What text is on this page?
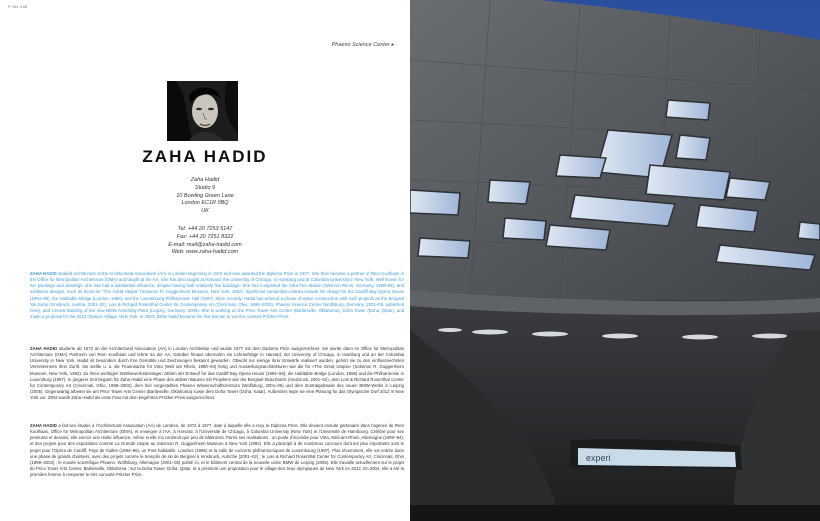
P 154 /155
Phaeno Science Center ▸
ZAHA HADID
Zaha Hadid
Studio 9
10 Bowling Green Lane
London EC1R 0BQ
UK
Tel: +44 20 7253 5147
Fax: +44 20 7251 8322
E-mail: mail@zaha-hadid.com
Web: www.zaha-hadid.com

ZAHA HADID studied architecture at the Architectural Association (AA) in London beginning in 1972 and was awarded the Diploma Prize in 1977. She then became a partner of Rem Koolhaas in the Office for Metropolitan Architecture (OMA) and taught at the AA. She has also taught at Harvard, the University of Chicago, in Hamburg and at Columbia University in New York. Well known for her paintings and drawings, she has had a substantial influence, despite having built relatively few buildings. She has completed the Vitra Fire Station (Weil-am-Rhein, Germany, 1990–94), and exhibition designs, such as those for "The Great Utopia" (Solomon R. Guggenheim Museum, New York, 1992). Significant competition entries include her design for the Cardiff Bay Opera House (1994–96), the Habitable Bridge (London, 1996), and the Luxembourg Philharmonic Hall (1997). More recently, Hadid has entered a phase of active construction with such projects as the Bergisel Ski Jump (Innsbruck, Austria, 2001–02), Lois & Richard Rosenthal Center for Contemporary Art (Cincinnati, Ohio, 1999–2003), Phaeno Science Center (Wolfsburg, Germany, 2001–05, published here), and Central Building of the new BMW Assembly Plant (Leipzig, Germany, 2005). She is working on the Price Tower Arts Center (Bartlesville, Oklahoma), Doha Tower (Doha, Qatar), and made a proposal for the 2012 Olympic Village, New York. In 2004, Zaha Hadid became the first woman to win the coveted Pritzker Prize.

ZAHA HADID studierte ab 1972 an der Architectural Association (AA) in London Architektur und wurde 1977 mit dem Diploma Prize ausgezeichnet. Sie wurde dann im Office for Metropolitan Architecture (OMA) Partnerin von Rem Koolhaas und lehrte an der AA. Darüber hinaus übernahm sie Lehraufträge in Harvard, der University of Chicago, in Hamburg und an der Columbia University in New York. Hadid ist besonders durch ihre Gemälde und Zeichnungen bekannt geworden. Obwohl nur wenige ihrer Entwürfe realisiert wurden, gehört sie zu den einflussreichsten Vertreterinnen ihrer Zunft. Sie stellte u. a. die Feuerwache für Vitra (Weil am Rhein, 1990–94) fertig und Ausstellungsarchitekturen wie die für »The Great Utopia« (Solomon R. Guggenheim Museum, New York, 1992). Zu ihren wichtigen Wettbewerbsbeiträgen zählen der Entwurf für das Cardiff Bay Opera House (1994–96), die Habitable Bridge (London, 1996) und die Philharmonie in Luxemburg (1997). In jüngerer Zeit begann für Zaha Hadid eine Phase des aktiven Bauens mit Projekten wie der Bergisel-Skischanze (Innsbruck, 2001–02), dem Lois & Richard Rosenthal Center for Contemporary Art (Cincinnati, Ohio, 1999–2003), dem hier vorgestellten Phaeno Wissenschaftszentrum (Wolfsburg, 2001–05) und dem Zentralgebäude des neuen BMW-Werks in Leipzig (2005). Gegenwärtig arbeitet sie am Price Tower Arts Center (Bartlesville, Oklahoma) sowie dem Doha Tower (Doha, Katar). Außerdem legte sie eine Planung für das Olympische Dorf 2012 in New York vor. 2004 wurde Zaha Hadid als erste Frau mit dem begehrten Pritzker-Preis ausgezeichnet.

ZAHA HADID a fait ses études à l'Architectural Association (AA) de Londres, de 1972 à 1977, date à laquelle elle a reçu le Diploma Prize. Elle devient ensuite partenaire dans l'agence de Rem Koolhaas, Office for Metropolitan Architecture (OMA), et enseigne à l'AA, à Harvard, à l'Université de Chicago, à Columbia University (New York) et l'Université de Hambourg. Célèbre pour ses peintures et dessins, elle exerce une réelle influence, même si elle n'a construit que peu de bâtiments. Parmi ses réalisations : un poste d'incendie pour Vitra, Weil-am-Rhein, Allemagne (1990–94), et des projets pour des expositions comme La Grande Utopie au Solomon R. Guggenheim Museum à New York (1992). Elle a participé à de nombreux concours dont les plus importants sont le projet pour l'Opéra de Cardiff, Pays de Galles (1994–96), un Pont habitable, Londres (1996) et la salle de concerts philharmoniques de Luxembourg (1997). Plus récemment, elle est entrée dans une phase de grands chantiers, avec des projets comme le tremplin de ski de Bergisel à Innsbruck, Autriche (2001–02) ; le Lois & Richard Rosenthal Center for Contemporary Art, Cincinnati, Ohio (1999–2003) ; le musée scientifique Phaeno, Wolfsburg, Allemagne (2001–05) publié ici, et le bâtiment central de la nouvelle usine BMW de Leipzig (2005). Elle travaille actuellement sur le projet du Price Tower Arts Center, Bartlesville, Oklahoma ; sur la Doha Tower, Doha, Qatar, et a présenté une proposition pour le village des Jeux olympiques de New York en 2012. En 2004, elle a été la première femme à remporter le très convoité Pritzker Prize.

experi
